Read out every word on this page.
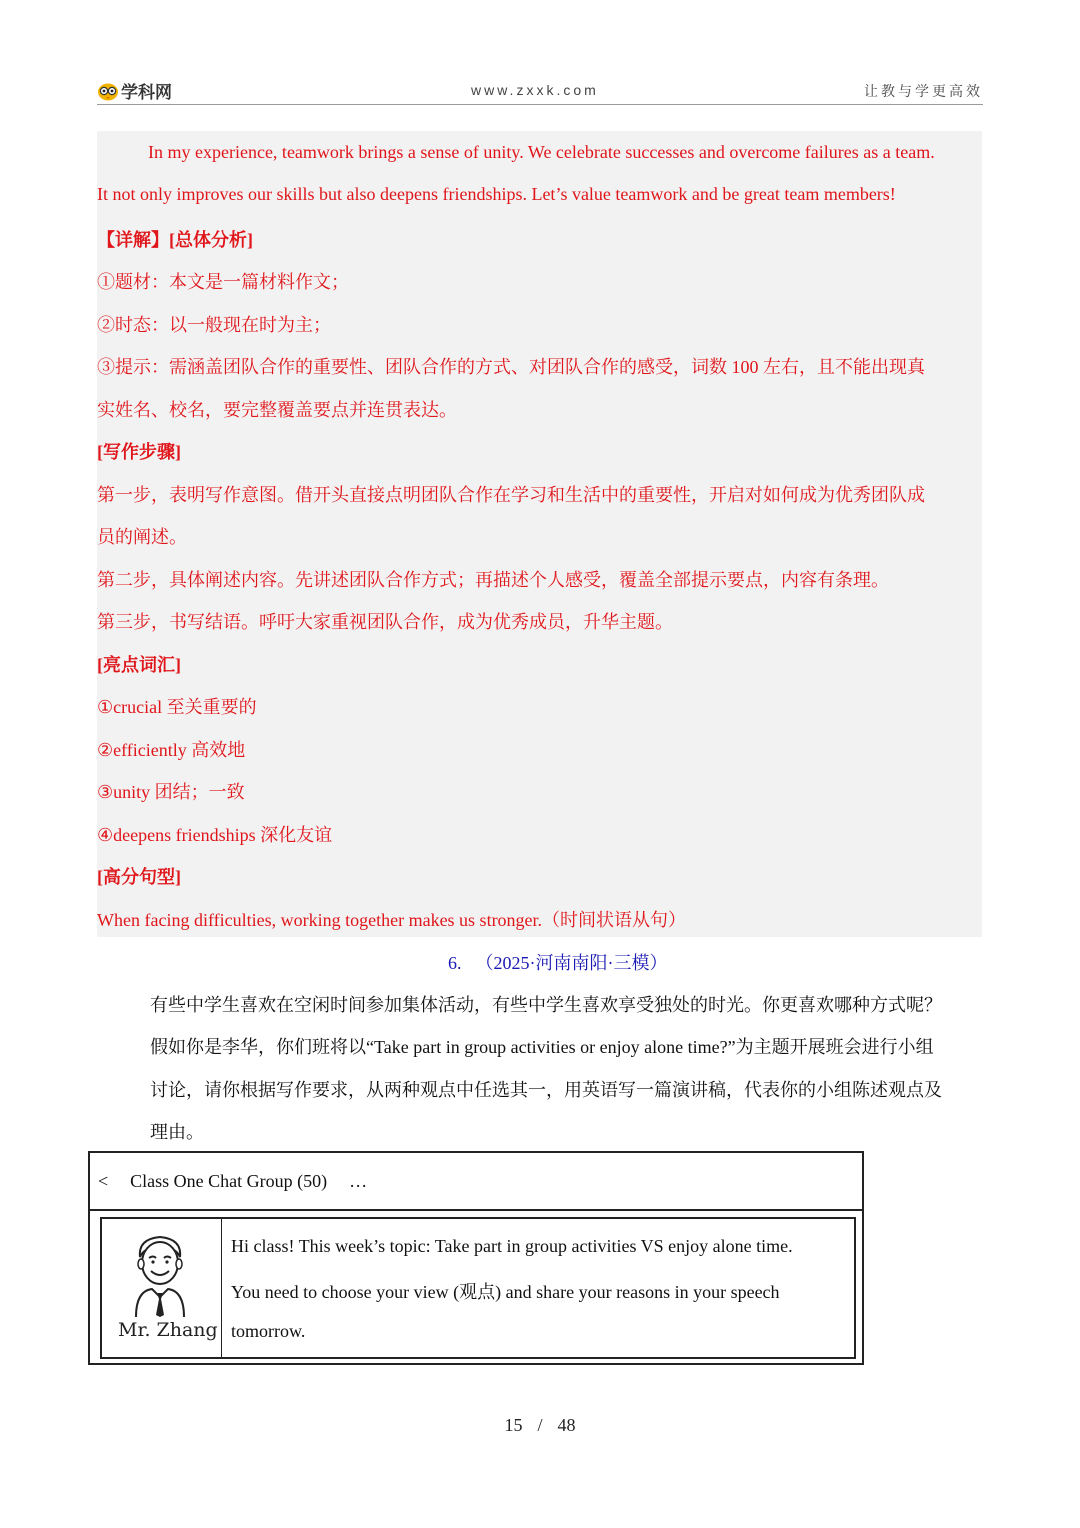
学科网	www.zxxk.com	让教与学更高效
In my experience, teamwork brings a sense of unity. We celebrate successes and overcome failures as a team.
It not only improves our skills but also deepens friendships. Let’s value teamwork and be great team members!
【详解】[总体分析]
①题材：本文是一篇材料作文；
②时态：以一般现在时为主；
③提示：需涵盖团队合作的重要性、团队合作的方式、对团队合作的感受，词数 100 左右，且不能出现真
实姓名、校名，要完整覆盖要点并连贯表达。
[写作步骤]
第一步，表明写作意图。借开头直接点明团队合作在学习和生活中的重要性，开启对如何成为优秀团队成
员的阐述。
第二步，具体阐述内容。先讲述团队合作方式；再描述个人感受，覆盖全部提示要点，内容有条理。
第三步，书写结语。呼吁大家重视团队合作，成为优秀成员，升华主题。
[亮点词汇]
①crucial 至关重要的
②efficiently 高效地
③unity 团结；一致
④deepens friendships 深化友谊
[高分句型]
When facing difficulties, working together makes us stronger.（时间状语从句）
6. （2025·河南南阳·三模）
有些中学生喜欢在空闲时间参加集体活动，有些中学生喜欢享受独处的时光。你更喜欢哪种方式呢？
假如你是李华，你们班将以“Take part in group activities or enjoy alone time?”为主题开展班会进行小组
讨论，请你根据写作要求，从两种观点中任选其一，用英语写一篇演讲稿，代表你的小组陈述观点及
理由。
< Class One Chat Group (50) …
Mr. Zhang
Hi class! This week’s topic: Take part in group activities VS enjoy alone time.
You need to choose your view (观点) and share your reasons in your speech
tomorrow.
15 / 48
